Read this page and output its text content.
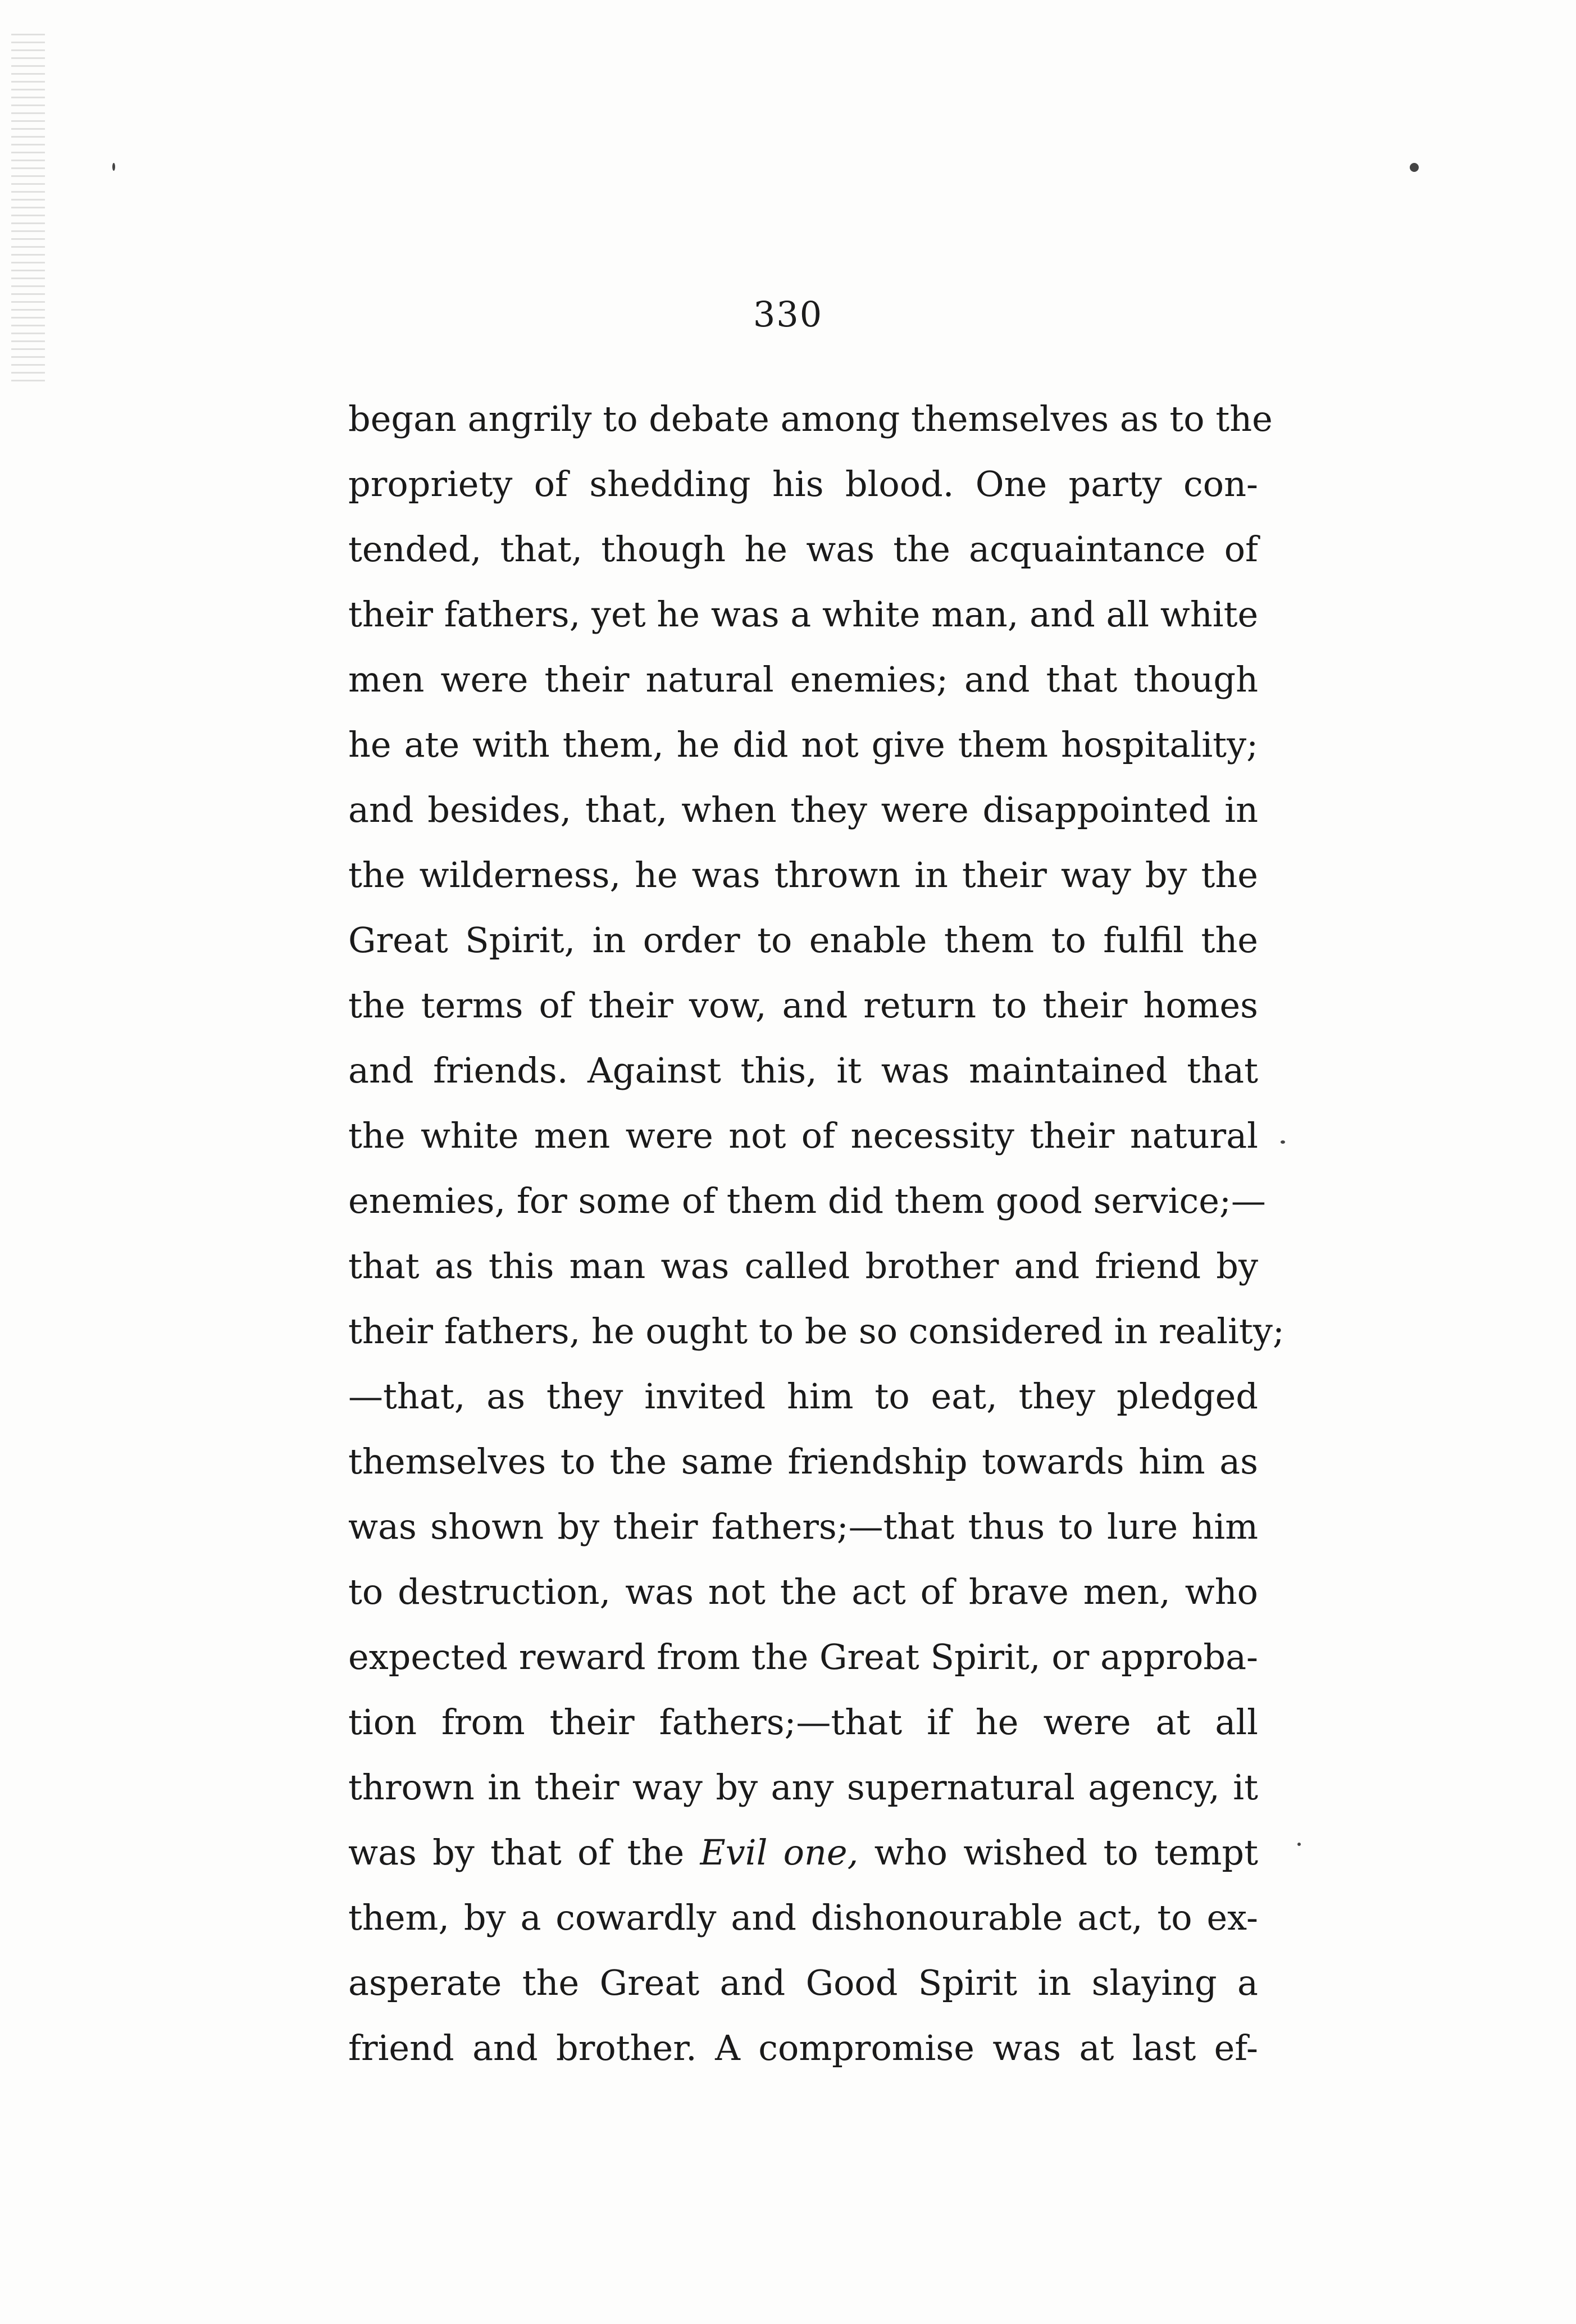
330
began angrily to debate among themselves as to the
propriety of shedding his blood. One party con-
tended, that, though he was the acquaintance of
their fathers, yet he was a white man, and all white
men were their natural enemies; and that though
he ate with them, he did not give them hospitality;
and besides, that, when they were disappointed in
the wilderness, he was thrown in their way by the
Great Spirit, in order to enable them to fulfil the
the terms of their vow, and return to their homes
and friends. Against this, it was maintained that
the white men were not of necessity their natural
enemies, for some of them did them good service;—
that as this man was called brother and friend by
their fathers, he ought to be so considered in reality;
—that, as they invited him to eat, they pledged
themselves to the same friendship towards him as
was shown by their fathers;—that thus to lure him
to destruction, was not the act of brave men, who
expected reward from the Great Spirit, or approba-
tion from their fathers;—that if he were at all
thrown in their way by any supernatural agency, it
was by that of the Evil one, who wished to tempt
them, by a cowardly and dishonourable act, to ex-
asperate the Great and Good Spirit in slaying a
friend and brother. A compromise was at last ef-
